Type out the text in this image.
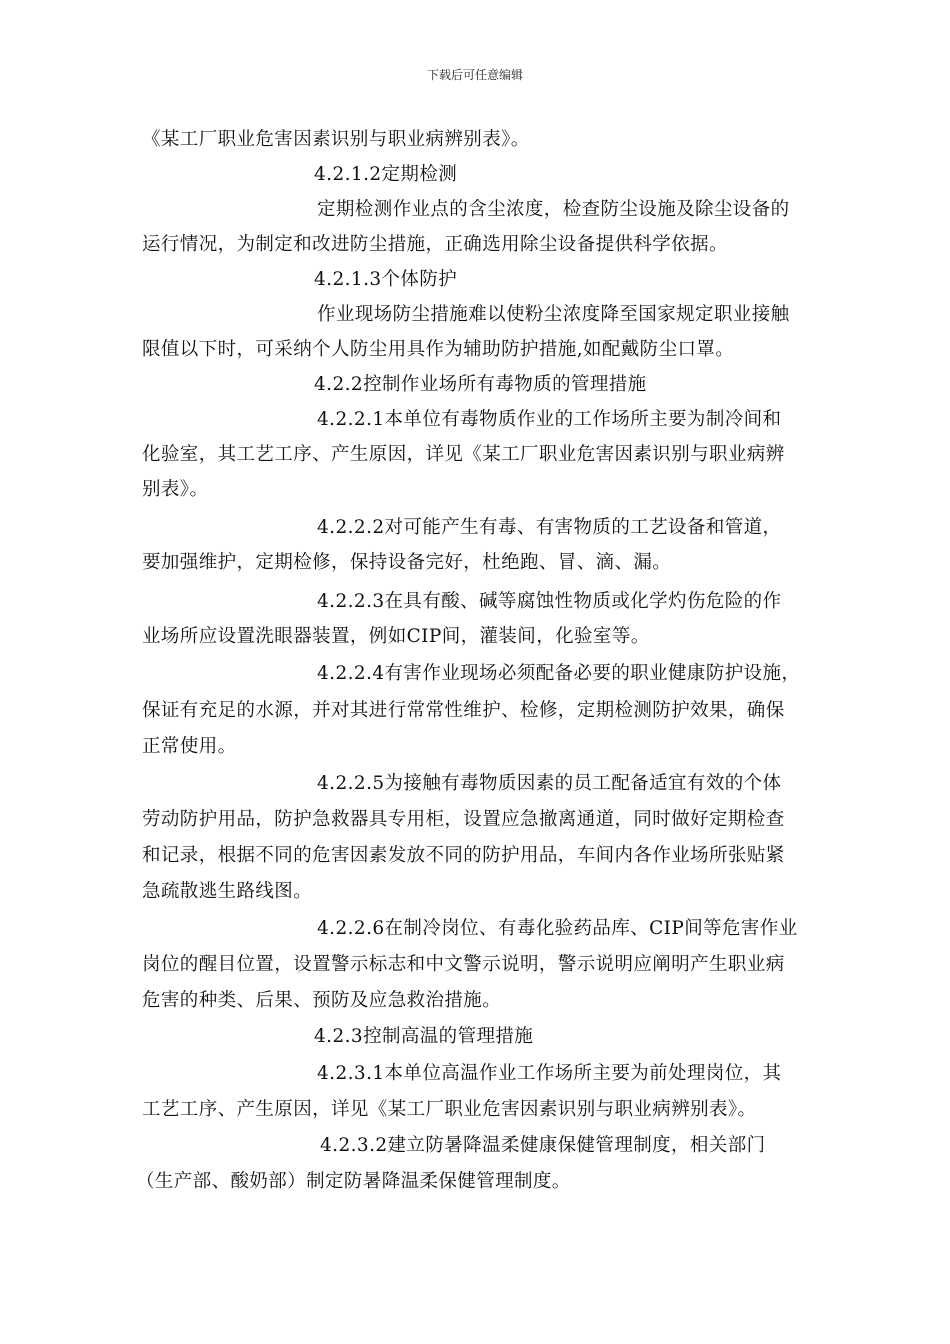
下载后可任意编辑
《某工厂职业危害因素识别与职业病辨别表》。
4.2.1.2定期检测
定期检测作业点的含尘浓度，检查防尘设施及除尘设备的
运行情况，为制定和改进防尘措施，正确选用除尘设备提供科学依据。
4.2.1.3个体防护
作业现场防尘措施难以使粉尘浓度降至国家规定职业接触
限值以下时，可采纳个人防尘用具作为辅助防护措施,如配戴防尘口罩。
4.2.2控制作业场所有毒物质的管理措施
4.2.2.1本单位有毒物质作业的工作场所主要为制冷间和
化验室，其工艺工序、产生原因，详见《某工厂职业危害因素识别与职业病辨
别表》。
4.2.2.2对可能产生有毒、有害物质的工艺设备和管道，
要加强维护，定期检修，保持设备完好，杜绝跑、冒、滴、漏。
4.2.2.3在具有酸、碱等腐蚀性物质或化学灼伤危险的作
业场所应设置洗眼器装置，例如CIP间，灌装间，化验室等。
4.2.2.4有害作业现场必须配备必要的职业健康防护设施，
保证有充足的水源，并对其进行常常性维护、检修，定期检测防护效果，确保
正常使用。
4.2.2.5为接触有毒物质因素的员工配备适宜有效的个体
劳动防护用品，防护急救器具专用柜，设置应急撤离通道，同时做好定期检查
和记录，根据不同的危害因素发放不同的防护用品，车间内各作业场所张贴紧
急疏散逃生路线图。
4.2.2.6在制冷岗位、有毒化验药品库、CIP间等危害作业
岗位的醒目位置，设置警示标志和中文警示说明，警示说明应阐明产生职业病
危害的种类、后果、预防及应急救治措施。
4.2.3控制高温的管理措施
4.2.3.1本单位高温作业工作场所主要为前处理岗位，其
工艺工序、产生原因，详见《某工厂职业危害因素识别与职业病辨别表》。
4.2.3.2建立防暑降温柔健康保健管理制度，相关部门
（生产部、酸奶部）制定防暑降温柔保健管理制度。
